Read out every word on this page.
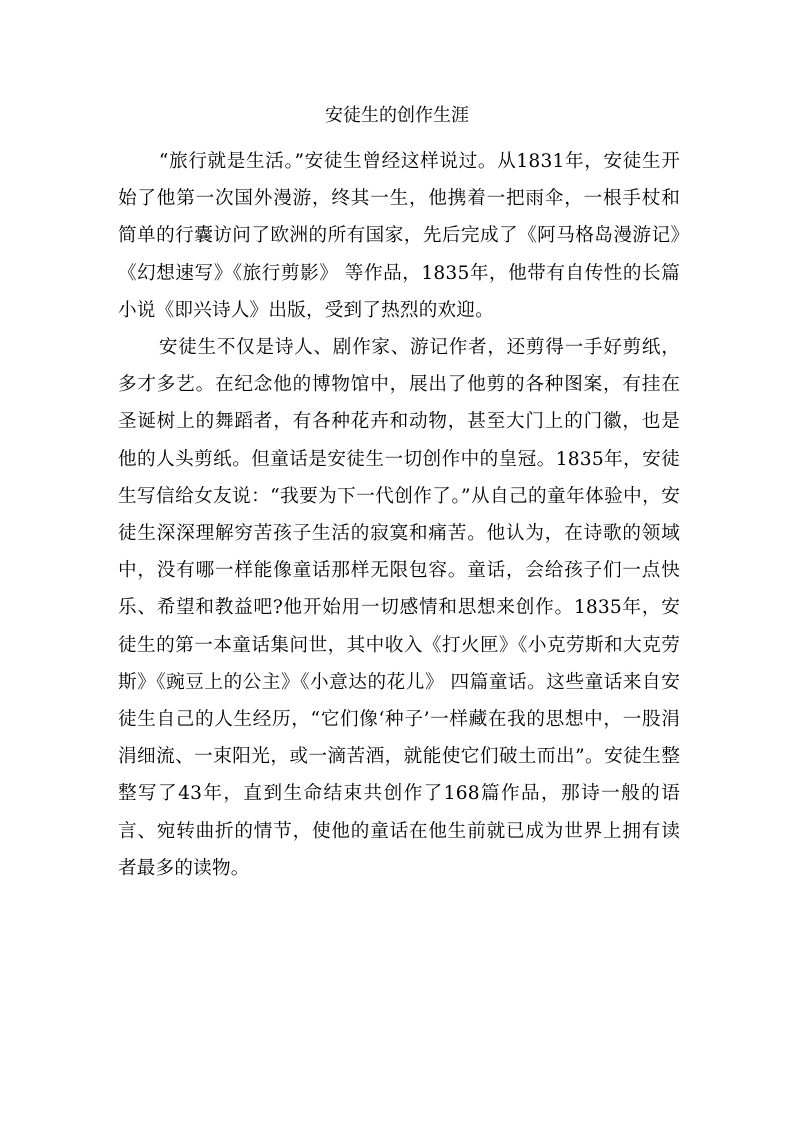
安徒生的创作生涯

“旅行就是生活。”安徒生曾经这样说过。从1831年，安徒生开始了他第一次国外漫游，终其一生，他携着一把雨伞，一根手杖和简单的行囊访问了欧洲的所有国家，先后完成了《阿马格岛漫游记》《幻想速写》《旅行剪影》 等作品，1835年，他带有自传性的长篇小说《即兴诗人》出版，受到了热烈的欢迎。

安徒生不仅是诗人、剧作家、游记作者，还剪得一手好剪纸，多才多艺。在纪念他的博物馆中，展出了他剪的各种图案，有挂在圣诞树上的舞蹈者，有各种花卉和动物，甚至大门上的门徽，也是他的人头剪纸。但童话是安徒生一切创作中的皇冠。1835年，安徒生写信给女友说：“我要为下一代创作了。”从自己的童年体验中，安徒生深深理解穷苦孩子生活的寂寞和痛苦。他认为，在诗歌的领域中，没有哪一样能像童话那样无限包容。童话，会给孩子们一点快乐、希望和教益吧?他开始用一切感情和思想来创作。1835年，安徒生的第一本童话集问世，其中收入《打火匣》《小克劳斯和大克劳斯》《豌豆上的公主》《小意达的花儿》 四篇童话。这些童话来自安徒生自己的人生经历，“它们像‘种子’一样藏在我的思想中，一股涓涓细流、一束阳光，或一滴苦酒，就能使它们破土而出”。安徒生整整写了43年，直到生命结束共创作了168篇作品，那诗一般的语言、宛转曲折的情节，使他的童话在他生前就已成为世界上拥有读者最多的读物。
